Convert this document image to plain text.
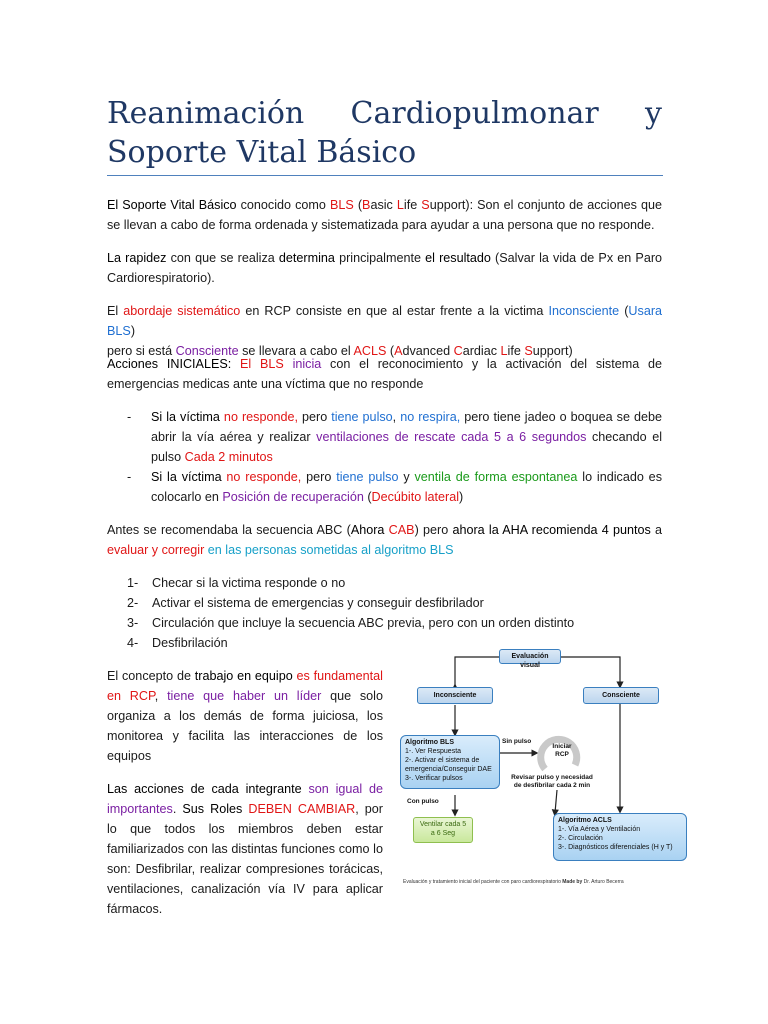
Reanimación Cardiopulmonar y
Soporte Vital Básico

El Soporte Vital Básico conocido como BLS (Basic Life Support): Son el conjunto de acciones que se llevan a cabo de forma ordenada y sistematizada para ayudar a una persona que no responde.

La rapidez con que se realiza determina principalmente el resultado (Salvar la vida de Px en Paro Cardiorespiratorio).

El abordaje sistemático en RCP consiste en que al estar frente a la victima Inconsciente (Usara BLS)
pero si está Consciente se llevara a cabo el ACLS (Advanced Cardiac Life Support)

Acciones INICIALES: El BLS inicia con el reconocimiento y la activación del sistema de emergencias medicas ante una víctima que no responde

- Si la víctima no responde, pero tiene pulso, no respira, pero tiene jadeo o boquea se debe abrir la vía aérea y realizar ventilaciones de rescate cada 5 a 6 segundos checando el pulso Cada 2 minutos
- Si la víctima no responde, pero tiene pulso y ventila de forma espontanea lo indicado es colocarlo en Posición de recuperación (Decúbito lateral)

Antes se recomendaba la secuencia ABC (Ahora CAB) pero ahora la AHA recomienda 4 puntos a evaluar y corregir en las personas sometidas al algoritmo BLS

1- Checar si la victima responde o no
2- Activar el sistema de emergencias y conseguir desfibrilador
3- Circulación que incluye la secuencia ABC previa, pero con un orden distinto
4- Desfibrilación

El concepto de trabajo en equipo es fundamental en RCP, tiene que haber un líder que solo organiza a los demás de forma juiciosa, los monitorea y facilita las interacciones de los equipos

Las acciones de cada integrante son igual de importantes. Sus Roles DEBEN CAMBIAR, por lo que todos los miembros deben estar familiarizados con las distintas funciones como lo son: Desfibrilar, realizar compresiones torácicas, ventilaciones, canalización vía IV para aplicar fármacos.

Evaluación visual
Inconsciente	Consciente
Algoritmo BLS
1-. Ver Respuesta
2-. Activar el sistema de emergencia/Conseguir DAE
3-. Verificar pulsos
Sin pulso
Iniciar
RCP
Revisar pulso y necesidad de desfibrilar cada 2 min
Con pulso
Ventilar cada 5 a 6 Seg
Algoritmo ACLS
1-. Vía Aérea y Ventilación
2-. Circulación
3-. Diagnósticos diferenciales (H y T)
Evaluación y tratamiento inicial del paciente con paro cardiorespiratorio Made by Dr. Arturo Becerra
